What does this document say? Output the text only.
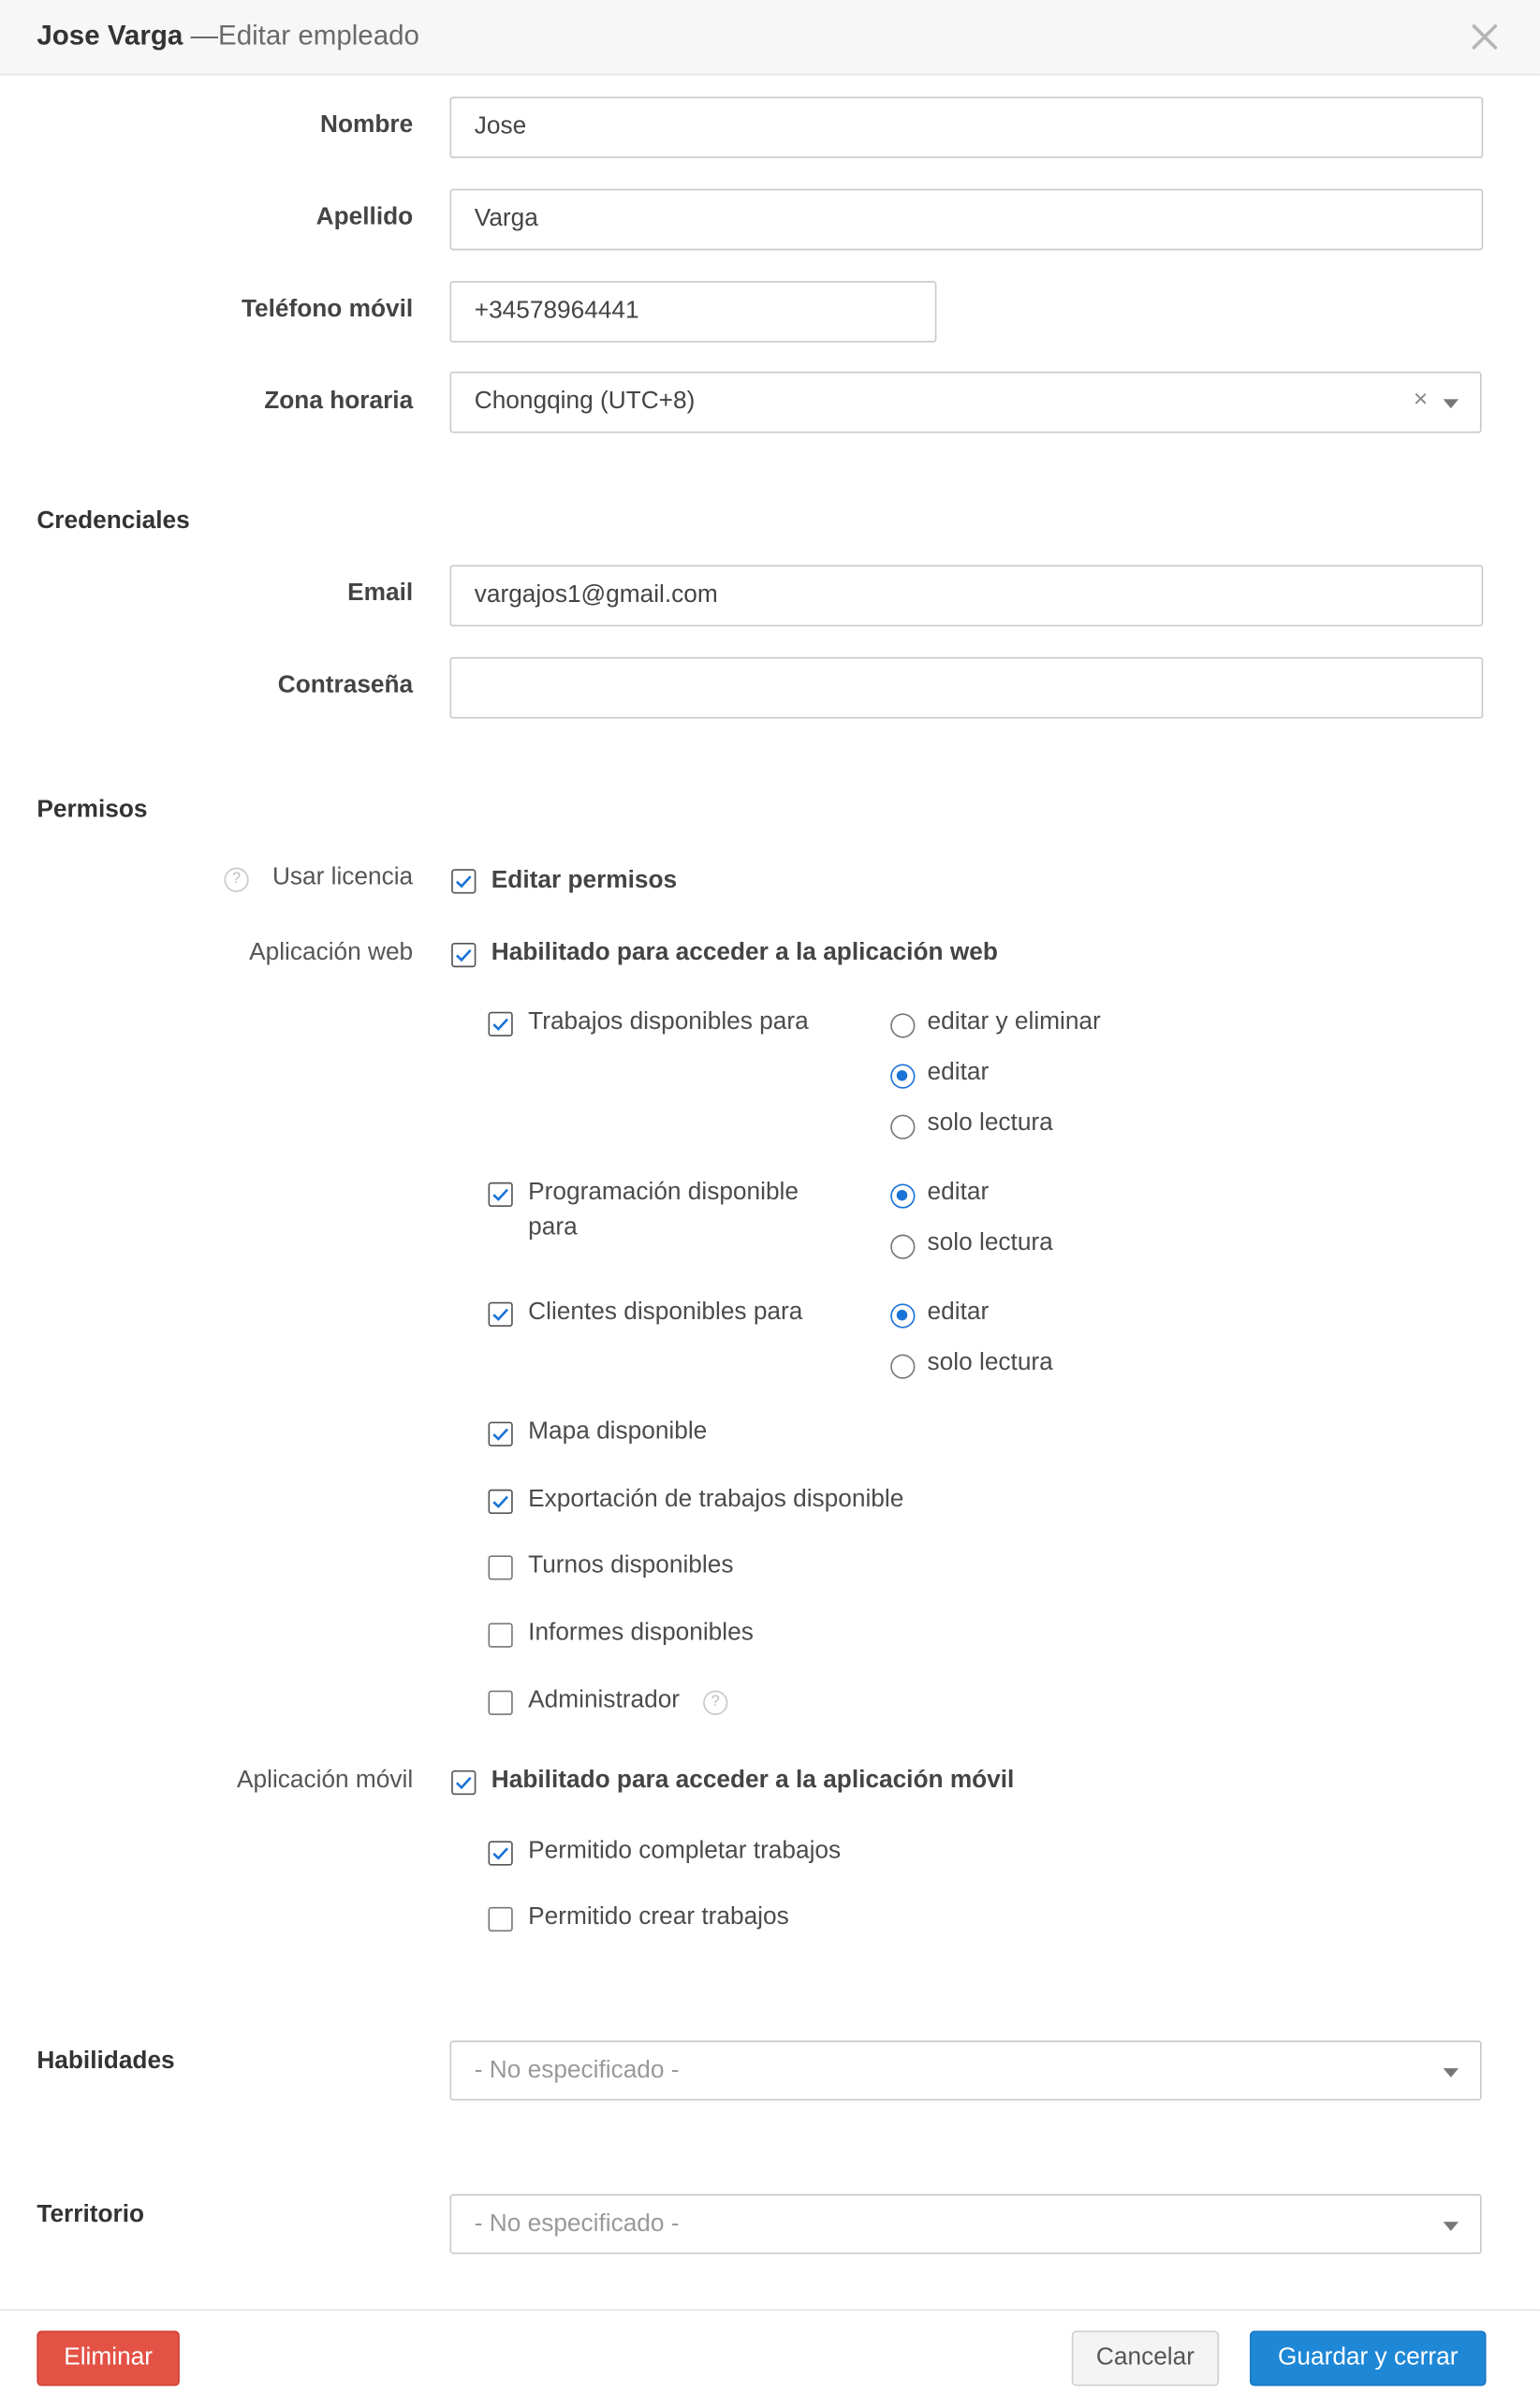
Jose Varga —Editar empleado
Nombre	Jose
Apellido	Varga
Teléfono móvil	+34578964441
Zona horaria	Chongqing (UTC+8)	×
Credenciales
Email	vargajos1@gmail.com
Contraseña
Permisos
?	Usar licencia	Editar permisos
Aplicación web	Habilitado para acceder a la aplicación web
Trabajos disponibles para	editar y eliminar
editar
solo lectura
Programación disponible
para
editar
solo lectura
Clientes disponibles para	editar
solo lectura
Mapa disponible
Exportación de trabajos disponible
Turnos disponibles
Informes disponibles
Administrador	?
Aplicación móvil	Habilitado para acceder a la aplicación móvil
Permitido completar trabajos
Permitido crear trabajos
Habilidades	- No especificado -
Territorio	- No especificado -
Eliminar	Cancelar	Guardar y cerrar
